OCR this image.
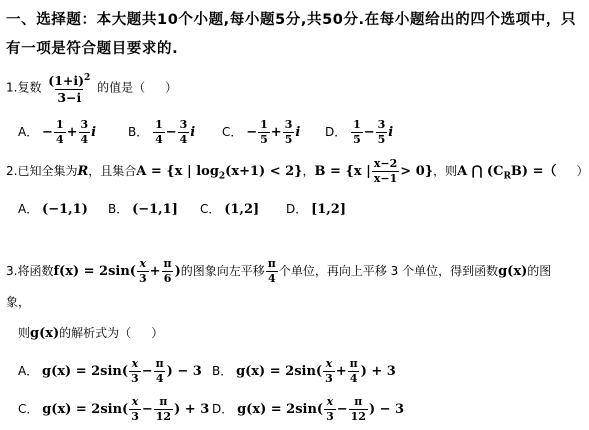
一、选择题：本大题共10个小题,每小题5分,共50分.在每小题给出的四个选项中，只
有一项是符合题目要求的.
1.复数 $\frac{(1+i)^2}{3-i}$ 的值是（ ）
A． − $\frac{1}{4} + \frac{3}{4}$ i	B． $\frac{1}{4} - \frac{3}{4}$ i C． − $\frac{1}{5} + \frac{3}{5}$ i D． $\frac{1}{5} - \frac{3}{5}$ i
2.已知全集为R，且集合A = {x | $\log_2(x+1) < 2$}，B = {x | $\frac{x-2}{x-1} > 0$}，则A ⋂ $(C_RB)$ =（ ）
A． (−1,1) B． (−1,1] C． (1,2] D． [1,2]
3.将函数$f(x) = 2\sin( \frac{x}{3} + \frac{\pi}{6}$ )的图象向左平移 $\frac{\pi}{4}$ 个单位，再向上平移 3 个单位，得到函数g(x)的图
象，
则g(x)的解析式为（ ）
A． $g(x) = 2\sin( \frac{x}{3} - \frac{\pi}{4}$ ) − 3 B． $g(x) = 2\sin( \frac{x}{3} + \frac{\pi}{4}$ ) + 3
C． $g(x) = 2\sin( \frac{x}{3} - \frac{\pi}{12}$ ) + 3 D． $g(x) = 2\sin( \frac{x}{3} - \frac{\pi}{12}$ ) − 3
